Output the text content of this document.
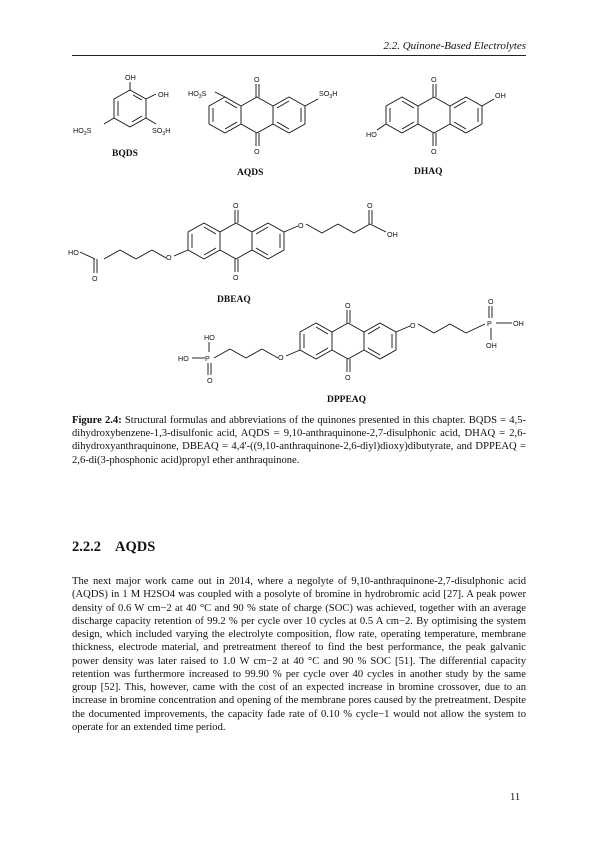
2.2. Quinone-Based Electrolytes
OH
OH
$SO_3H$
$HO_3S$
BQDS
O
O
$HO_3S$	$SO_3H$
AQDS
O
O
OH
HO
DHAQ
O
O
O
O
OH
O
O
HO
DBEAQ
O
O
O
O
P	OH
OH
O
P
O
HO
HO
DPPEAQ
Figure 2.4: Structural formulas and abbreviations of the quinones presented in this chapter. BQDS = 4,5-dihydroxybenzene-1,3-disulfonic acid, AQDS = 9,10-anthraquinone-2,7-disulphonic acid, DHAQ = 2,6-dihydroxyanthraquinone, DBEAQ = 4,4'-((9,10-anthraquinone-2,6-diyl)dioxy)dibutyrate, and DPPEAQ = 2,6-di(3-phosphonic acid)propyl ether anthraquinone.
2.2.2 AQDS

The next major work came out in 2014, where a negolyte of 9,10-anthraquinone-2,7-disulphonic acid (AQDS) in 1 M H2SO4 was coupled with a posolyte of bromine in hydrobromic acid [27]. A peak power density of 0.6 W cm−2 at 40 °C and 90 % state of charge (SOC) was achieved, together with an average discharge capacity retention of 99.2 % per cycle over 10 cycles at 0.5 A cm−2. By optimising the system design, which included varying the electrolyte composition, flow rate, operating temperature, membrane thickness, electrode material, and pretreatment thereof to find the best performance, the peak galvanic power density was later raised to 1.0 W cm−2 at 40 °C and 90 % SOC [51]. The differential capacity retention was furthermore increased to 99.90 % per cycle over 40 cycles in another study by the same group [52]. This, however, came with the cost of an expected increase in bromine crossover, due to an increase in bromine concentration and opening of the membrane pores caused by the pretreatment. Despite the documented improvements, the capacity fade rate of 0.10 % cycle−1 would not allow the system to operate for an extended time period.

11
